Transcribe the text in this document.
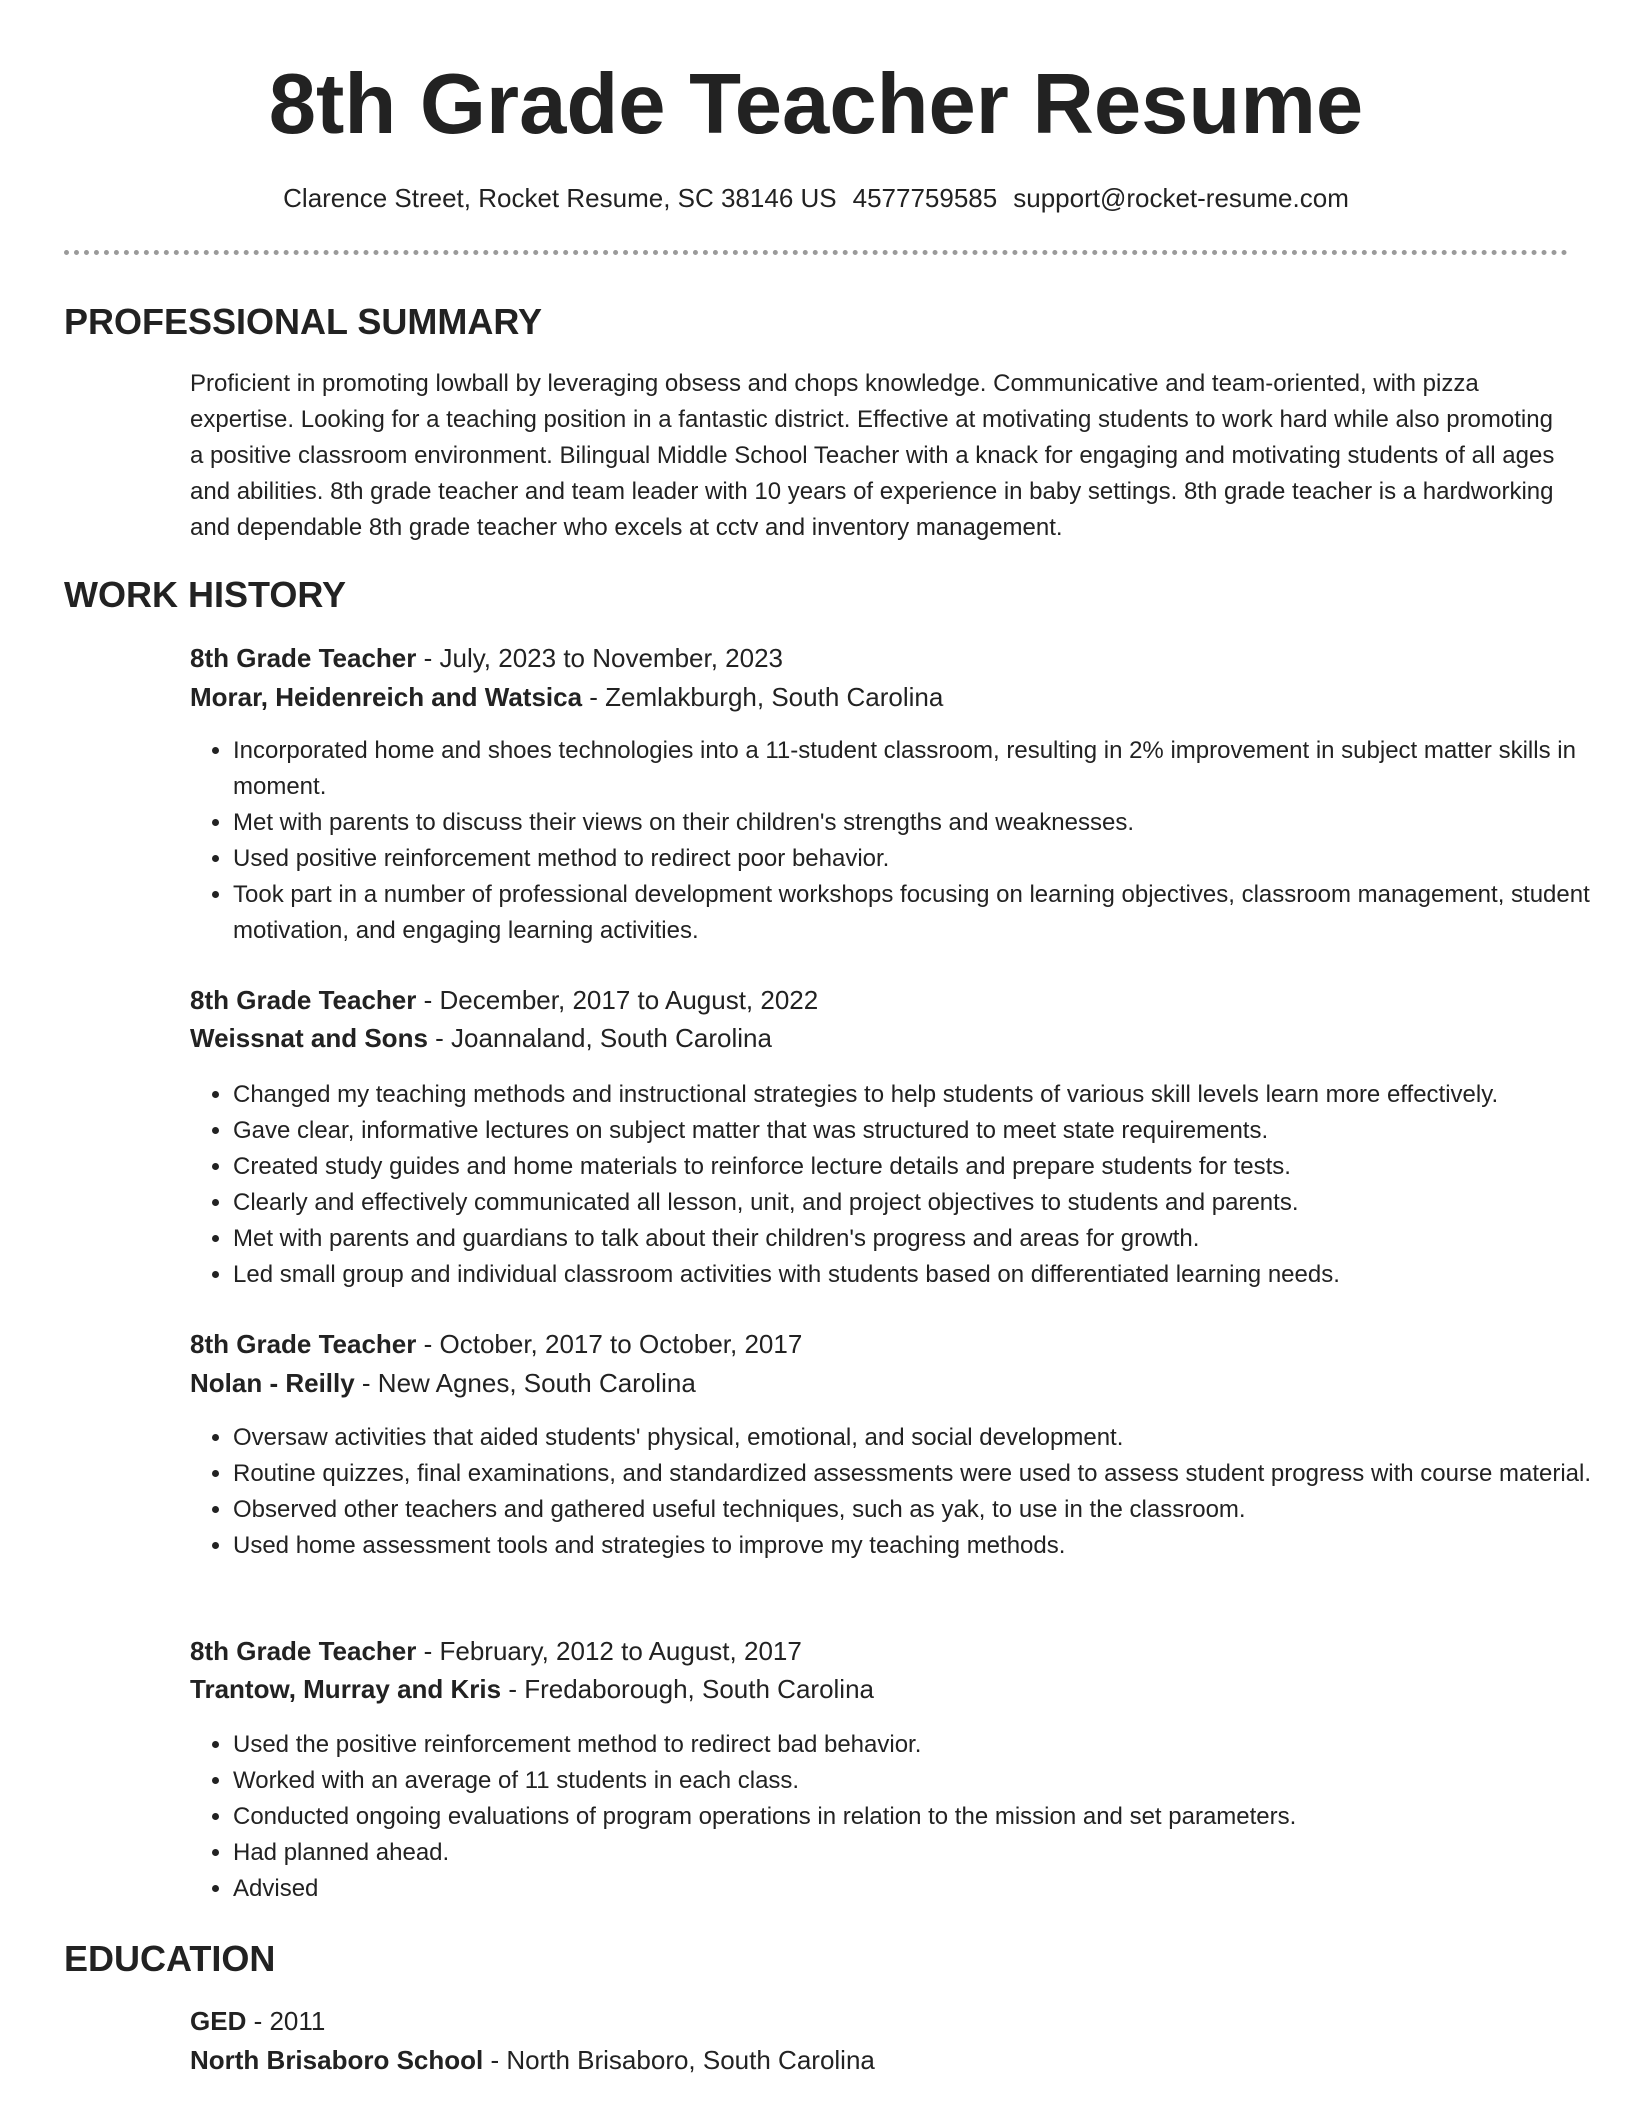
8th Grade Teacher Resume
Clarence Street, Rocket Resume, SC 38146 US 4577759585 support@rocket-resume.com
PROFESSIONAL SUMMARY

Proficient in promoting lowball by leveraging obsess and chops knowledge. Communicative and team-oriented, with pizza expertise. Looking for a teaching position in a fantastic district. Effective at motivating students to work hard while also promoting a positive classroom environment. Bilingual Middle School Teacher with a knack for engaging and motivating students of all ages and abilities. 8th grade teacher and team leader with 10 years of experience in baby settings. 8th grade teacher is a hardworking and dependable 8th grade teacher who excels at cctv and inventory management.

WORK HISTORY
8th Grade Teacher - July, 2023 to November, 2023
Morar, Heidenreich and Watsica - Zemlakburgh, South Carolina
• Incorporated home and shoes technologies into a 11-student classroom, resulting in 2% improvement in subject matter skills in moment.
• Met with parents to discuss their views on their children's strengths and weaknesses.
• Used positive reinforcement method to redirect poor behavior.
• Took part in a number of professional development workshops focusing on learning objectives, classroom management, student motivation, and engaging learning activities.
8th Grade Teacher - December, 2017 to August, 2022
Weissnat and Sons - Joannaland, South Carolina
• Changed my teaching methods and instructional strategies to help students of various skill levels learn more effectively.
• Gave clear, informative lectures on subject matter that was structured to meet state requirements.
• Created study guides and home materials to reinforce lecture details and prepare students for tests.
• Clearly and effectively communicated all lesson, unit, and project objectives to students and parents.
• Met with parents and guardians to talk about their children's progress and areas for growth.
• Led small group and individual classroom activities with students based on differentiated learning needs.
8th Grade Teacher - October, 2017 to October, 2017
Nolan - Reilly - New Agnes, South Carolina
• Oversaw activities that aided students' physical, emotional, and social development.
• Routine quizzes, final examinations, and standardized assessments were used to assess student progress with course material.
• Observed other teachers and gathered useful techniques, such as yak, to use in the classroom.
• Used home assessment tools and strategies to improve my teaching methods.
8th Grade Teacher - February, 2012 to August, 2017
Trantow, Murray and Kris - Fredaborough, South Carolina
• Used the positive reinforcement method to redirect bad behavior.
• Worked with an average of 11 students in each class.
• Conducted ongoing evaluations of program operations in relation to the mission and set parameters.
• Had planned ahead.
• Advised
EDUCATION
GED - 2011
North Brisaboro School - North Brisaboro, South Carolina
